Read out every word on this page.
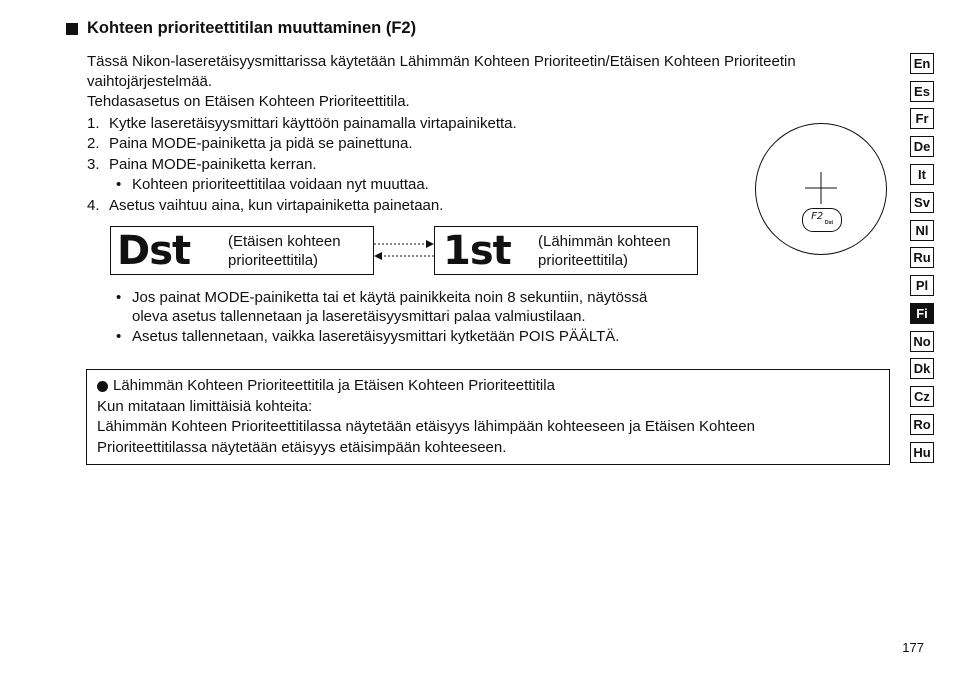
Kohteen prioriteettitilan muuttaminen (F2)
Tässä Nikon-laseretäisyysmittarissa käytetään Lähimmän Kohteen Prioriteetin/Etäisen Kohteen Prioriteetin
vaihtojärjestelmää.
Tehdasasetus on Etäisen Kohteen Prioriteettitila.
1. Kytke laseretäisyysmittari käyttöön painamalla virtapainiketta.
2. Paina MODE-painiketta ja pidä se painettuna.
3. Paina MODE-painiketta kerran.
• Kohteen prioriteettitilaa voidaan nyt muuttaa.
4. Asetus vaihtuu aina, kun virtapainiketta painetaan.
Dst	(Etäisen kohteen
prioriteettitila)	1st (Lähimmän kohteen
prioriteettitila)
F2
Dst
• Jos painat MODE-painiketta tai et käytä painikkeita noin 8 sekuntiin, näytössä
oleva asetus tallennetaan ja laseretäisyysmittari palaa valmiustilaan.
• Asetus tallennetaan, vaikka laseretäisyysmittari kytketään POIS PÄÄLTÄ.
Lähimmän Kohteen Prioriteettitila ja Etäisen Kohteen Prioriteettitila
Kun mitataan limittäisiä kohteita:
Lähimmän Kohteen Prioriteettitilassa näytetään etäisyys lähimpään kohteeseen ja Etäisen Kohteen
Prioriteettitilassa näytetään etäisyys etäisimpään kohteeseen.
En
Es
Fr
De
It
Sv
Nl
Ru
Pl
Fi
No
Dk
Cz
Ro
Hu
177
